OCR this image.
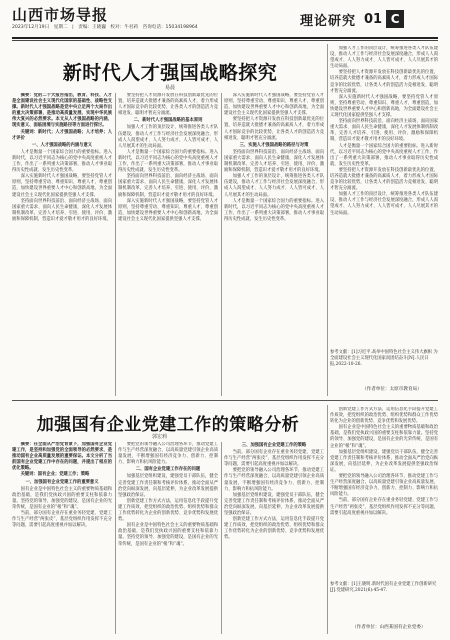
山西市场导报
2023年12月19日　星期二　|　责编：王晓巍　校对：牛君莉　咨询电话：15034198964	理论研究 01 C
新时代人才强国战略探究
易晨

摘要：党的二十大报告指出，教育、科技、人才是全面建设社会主义现代化国家的基础性、战略性支撑。新时代人才强国战略是党中央立足两个大局作出的重大决策部署，是推动高质量发展、实现中华民族伟大复兴的必然要求。本文从人才强国战略的内涵、现实意义、面临困境与实施路径等方面进行探讨。

关键词：新时代；人才强国战略；人才培养；人才评价

一、人才强国战略的内涵与意义

人才是衡量一个国家综合国力的重要指标。进入新时代，以习近平同志为核心的党中央高度重视人才工作，作出了一系列重大决策部署，推动人才事业取得历史性成就、发生历史性变革。

深入实施新时代人才强国战略，要坚持党管人才原则，坚持尊重劳动、尊重知识、尊重人才、尊重创造，加快建设世界重要人才中心和创新高地，为全面建设社会主义现代化国家提供坚强人才支撑。

坚持面向世界科技前沿、面向经济主战场、面向国家重大需求、面向人民生命健康，深化人才发展体制机制改革，完善人才培养、引进、使用、评价、激励和保障机制，营造识才爱才敬才用才的良好环境。

要坚持把人才资源开发放在科技创新最优先的位置，培养造就大批德才兼备的高素质人才，着力形成人才国际竞争的比较优势，让各类人才的创造活力竞相迸发、聪明才智充分涌流。

二、新时代人才强国战略的基本原则

加强人才工作的顶层设计，统筹推进各类人才队伍建设，推动人才工作与经济社会发展深度融合，形成人人渴望成才、人人努力成才、人人皆可成才、人人尽展其才的生动局面。

人才是衡量一个国家综合国力的重要指标。进入新时代，以习近平同志为核心的党中央高度重视人才工作，作出了一系列重大决策部署，推动人才事业取得历史性成就、发生历史性变革。

坚持面向世界科技前沿、面向经济主战场、面向国家重大需求、面向人民生命健康，深化人才发展体制机制改革，完善人才培养、引进、使用、评价、激励和保障机制，营造识才爱才敬才用才的良好环境。

深入实施新时代人才强国战略，要坚持党管人才原则，坚持尊重劳动、尊重知识、尊重人才、尊重创造，加快建设世界重要人才中心和创新高地，为全面建设社会主义现代化国家提供坚强人才支撑。

深入实施新时代人才强国战略，要坚持党管人才原则，坚持尊重劳动、尊重知识、尊重人才、尊重创造，加快建设世界重要人才中心和创新高地，为全面建设社会主义现代化国家提供坚强人才支撑。

要坚持把人才资源开发放在科技创新最优先的位置，培养造就大批德才兼备的高素质人才，着力形成人才国际竞争的比较优势，让各类人才的创造活力竞相迸发、聪明才智充分涌流。

三、实施人才强国战略的路径与对策

坚持面向世界科技前沿、面向经济主战场、面向国家重大需求、面向人民生命健康，深化人才发展体制机制改革，完善人才培养、引进、使用、评价、激励和保障机制，营造识才爱才敬才用才的良好环境。

加强人才工作的顶层设计，统筹推进各类人才队伍建设，推动人才工作与经济社会发展深度融合，形成人人渴望成才、人人努力成才、人人皆可成才、人人尽展其才的生动局面。

人才是衡量一个国家综合国力的重要指标。进入新时代，以习近平同志为核心的党中央高度重视人才工作，作出了一系列重大决策部署，推动人才事业取得历史性成就、发生历史性变革。

加强人才工作的顶层设计，统筹推进各类人才队伍建设，推动人才工作与经济社会发展深度融合，形成人人渴望成才、人人努力成才、人人皆可成才、人人尽展其才的生动局面。

要坚持把人才资源开发放在科技创新最优先的位置，培养造就大批德才兼备的高素质人才，着力形成人才国际竞争的比较优势，让各类人才的创造活力竞相迸发、聪明才智充分涌流。

深入实施新时代人才强国战略，要坚持党管人才原则，坚持尊重劳动、尊重知识、尊重人才、尊重创造，加快建设世界重要人才中心和创新高地，为全面建设社会主义现代化国家提供坚强人才支撑。

坚持面向世界科技前沿、面向经济主战场、面向国家重大需求、面向人民生命健康，深化人才发展体制机制改革，完善人才培养、引进、使用、评价、激励和保障机制，营造识才爱才敬才用才的良好环境。

人才是衡量一个国家综合国力的重要指标。进入新时代，以习近平同志为核心的党中央高度重视人才工作，作出了一系列重大决策部署，推动人才事业取得历史性成就、发生历史性变革。

要坚持把人才资源开发放在科技创新最优先的位置，培养造就大批德才兼备的高素质人才，着力形成人才国际竞争的比较优势，让各类人才的创造活力竞相迸发、聪明才智充分涌流。

加强人才工作的顶层设计，统筹推进各类人才队伍建设，推动人才工作与经济社会发展深度融合，形成人人渴望成才、人人努力成才、人人皆可成才、人人尽展其才的生动局面。

参考文献：[1]习近平.高举中国特色社会主义伟大旗帜 为全面建设社会主义现代化国家而团结奋斗[N].人民日报,2022-10-26.
（作者单位：太原市教育局）
加强国有企业党建工作的策略分析
郭宏莉

摘要：在全面从严治党背景下，加强国有企业党建工作，是坚持和加强党的全面领导的必然要求，是推动国有企业高质量发展的重要保证。本文分析了当前国有企业党建工作中存在的问题，并提出了相应的优化策略。

关键词：国有企业；党建工作；策略

一、加强国有企业党建工作的重要意义

国有企业是中国特色社会主义的重要物质基础和政治基础，是我们党执政兴国的重要支柱和依靠力量。坚持党的领导、加强党的建设，是国有企业的光荣传统，是国有企业的“根”和“魂”。

当前，部分国有企业存在重业务轻党建、党建工作与生产经营“两张皮”、基层党组织作用发挥不充分等问题，需要引起高度重视并加以解决。

要把党的领导融入公司治理各环节，推动党建工作与生产经营深度融合，以高质量党建引领企业高质量发展，不断增强国有经济竞争力、创新力、控制力、影响力和抗风险能力。

二、国有企业党建工作存在的问题

加强基层党组织建设，建强党员干部队伍，健全完善党建工作责任制和考核评价体系，推动全面从严治党向纵深发展、向基层延伸，为企业改革发展提供坚强政治保证。

创新党建工作方式方法，运用信息化手段提升党建工作质效，把党组织的政治优势、组织优势和群众工作优势转化为企业的创新优势、竞争优势和发展优势。

国有企业是中国特色社会主义的重要物质基础和政治基础，是我们党执政兴国的重要支柱和依靠力量。坚持党的领导、加强党的建设，是国有企业的光荣传统，是国有企业的“根”和“魂”。

三、加强国有企业党建工作的策略

当前，部分国有企业存在重业务轻党建、党建工作与生产经营“两张皮”、基层党组织作用发挥不充分等问题，需要引起高度重视并加以解决。

要把党的领导融入公司治理各环节，推动党建工作与生产经营深度融合，以高质量党建引领企业高质量发展，不断增强国有经济竞争力、创新力、控制力、影响力和抗风险能力。

加强基层党组织建设，建强党员干部队伍，健全完善党建工作责任制和考核评价体系，推动全面从严治党向纵深发展、向基层延伸，为企业改革发展提供坚强政治保证。

创新党建工作方式方法，运用信息化手段提升党建工作质效，把党组织的政治优势、组织优势和群众工作优势转化为企业的创新优势、竞争优势和发展优势。

创新党建工作方式方法，运用信息化手段提升党建工作质效，把党组织的政治优势、组织优势和群众工作优势转化为企业的创新优势、竞争优势和发展优势。

国有企业是中国特色社会主义的重要物质基础和政治基础，是我们党执政兴国的重要支柱和依靠力量。坚持党的领导、加强党的建设，是国有企业的光荣传统，是国有企业的“根”和“魂”。

加强基层党组织建设，建强党员干部队伍，健全完善党建工作责任制和考核评价体系，推动全面从严治党向纵深发展、向基层延伸，为企业改革发展提供坚强政治保证。

要把党的领导融入公司治理各环节，推动党建工作与生产经营深度融合，以高质量党建引领企业高质量发展，不断增强国有经济竞争力、创新力、控制力、影响力和抗风险能力。

当前，部分国有企业存在重业务轻党建、党建工作与生产经营“两张皮”、基层党组织作用发挥不充分等问题，需要引起高度重视并加以解决。

参考文献：[1]王晓明.新时代国有企业党建工作创新研究[J].党建研究,2021(6):45-47.
（作者单位：山西某国有企业党委）
